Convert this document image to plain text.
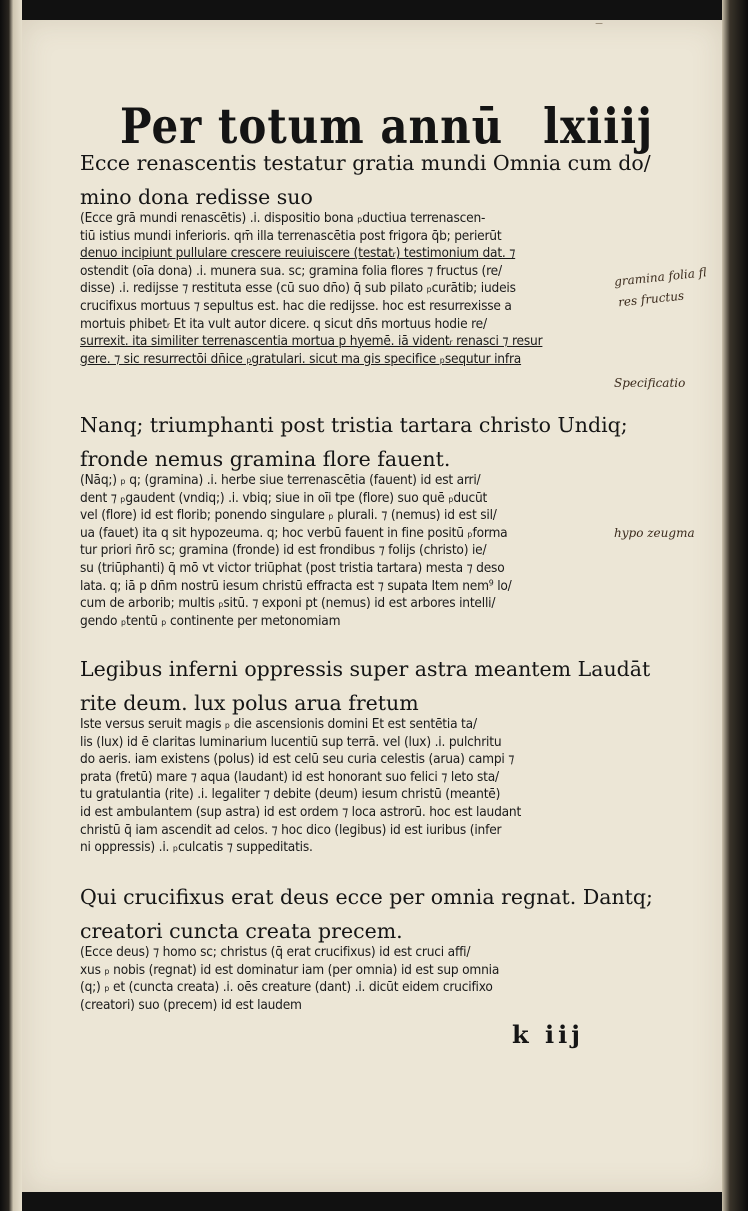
͞͞
Per totum annū lxiiij

Ecce renascentis testatur gratia mundi Omnia cum do/

mino dona redisse suo

(Ecce grā mundi renascētis) .i. dispositio bona ₚductiua terrenascen-

tiū istius mundi inferioris. qm̄ illa terrenascētia post frigora q̄b; perierūt

denuo incipiunt pullulare crescere reuiuiscere (testatᵣ) testimonium dat. ⁊

ostendit (oīa dona) .i. munera sua. sc; gramina folia flores ⁊ fructus (re/

disse) .i. redijsse ⁊ restituta esse (cū suo dn̄o) q̄ sub pilato ₚcurātib; iudeis

crucifixus mortuus ⁊ sepultus est. hac die redijsse. hoc est resurrexisse a

mortuis phibetᵣ Et ita vult autor dicere. q sicut dn̄s mortuus hodie re/

surrexit. ita similiter terrenascentia mortua p hyemē. iā videntᵣ renasci ⁊ resur

gere. ⁊ sic resurrectōi dn̄ice ₚgratulari. sicut ma gis specifice ₚsequtur infra

Nanq; triumphanti post tristia tartara christo Undiq;

fronde nemus gramina flore fauent.

(Nāq;) ₚ q; (gramina) .i. herbe siue terrenascētia (fauent) id est arri/

dent ⁊ ₚgaudent (vndiq;) .i. vbiq; siue in oīi tpe (flore) suo quē ₚducūt

vel (flore) id est florib; ponendo singulare ₚ plurali. ⁊ (nemus) id est sil/

ua (fauet) ita q sit hypozeuma. q; hoc verbū fauent in fine positū ₚforma

tur priori n̄rō sc; gramina (fronde) id est frondibus ⁊ folijs (christo) ie/

su (triūphanti) q̄ mō vt victor triūphat (post tristia tartara) mesta ⁊ deso

lata. q; iā p dn̄m nostrū iesum christū effracta est ⁊ supata Item nem⁹ lo/

cum de arborib; multis ₚsitū. ⁊ exponi pt (nemus) id est arbores intelli/

gendo ₚtentū ₚ continente per metonomiam

Legibus inferni oppressis super astra meantem Laudāt

rite deum. lux polus arua fretum

Iste versus seruit magis ₚ die ascensionis domini Et est sentētia ta/

lis (lux) id ē claritas luminarium lucentiū sup terrā. vel (lux) .i. pulchritu

do aeris. iam existens (polus) id est celū seu curia celestis (arua) campi ⁊

prata (fretū) mare ⁊ aqua (laudant) id est honorant suo felici ⁊ leto sta/

tu gratulantia (rite) .i. legaliter ⁊ debite (deum) iesum christū (meantē)

id est ambulantem (sup astra) id est ordem ⁊ loca astrorū. hoc est laudant

christū q̄ iam ascendit ad celos. ⁊ hoc dico (legibus) id est iuribus (infer

ni oppressis) .i. ₚculcatis ⁊ suppeditatis.

Qui crucifixus erat deus ecce per omnia regnat. Dantq;

creatori cuncta creata precem.

(Ecce deus) ⁊ homo sc; christus (q̄ erat crucifixus) id est cruci affi/

xus ₚ nobis (regnat) id est dominatur iam (per omnia) id est sup omnia

(q;) ₚ et (cuncta creata) .i. oēs creature (dant) .i. dicūt eidem crucifixo

(creatori) suo (precem) id est laudem

gramina folia fl
res fructus
Specificatio
hypo zeugma
k iij
